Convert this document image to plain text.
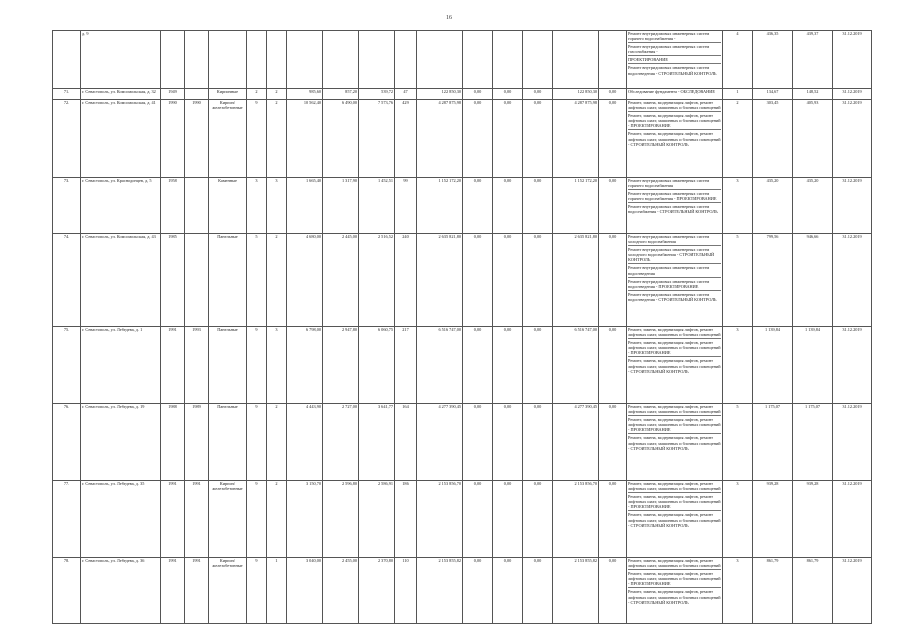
16
	д. 9																Ремонт внутридомовых инженерных систем горячего водоснабжения -
Ремонт внутридомовых инженерных систем газоснабжения -
ПРОЕКТИРОВАНИЕ
Ремонт внутридомовых инженерных систем водоотведения - СТРОИТЕЛЬНЫЙ КОНТРОЛЬ	4	436,35	439,37	31.12.2019
71.	г. Севастополь, ул. Комсомольская, д. 32	1949		Кирпичные	2	2	985,60	857,20	539,72	47	122 850,30	0,00	0,00	0,00	122 850,30	0,00	Обследование фундамента - ОБСЛЕДОВАНИЕ	1	134,67	148,52	31.12.2019
72.	г. Севастополь, ул. Комсомольская, д. 41	1990	1990	Кирпич/ железобетонные	9	2	10 562,40	6 490,00	7 573,76	429	4 287 875,98	0,00	0,00	0,00	4 287 875,98	0,00	Ремонт, замена, модернизация лифтов, ремонт лифтовых шахт, машинных и блочных помещений
Ремонт, замена, модернизация лифтов, ремонт лифтовых шахт, машинных и блочных помещений - ПРОЕКТИРОВАНИЕ
Ремонт, замена, модернизация лифтов, ремонт лифтовых шахт, машинных и блочных помещений - СТРОИТЕЛЬНЫЙ КОНТРОЛЬ	2	303,45	405,93	31.12.2019
73.	г. Севастополь, ул. Краснодонцев, д. 5	1958		Каменные	3	3	1 665,40	1 317,90	1 452,51	99	1 152 172,20	0,00	0,00	0,00	1 152 172,20	0,00	Ремонт внутридомовых инженерных систем горячего водоснабжения
Ремонт внутридомовых инженерных систем горячего водоснабжения - ПРОЕКТИРОВАНИЕ
Ремонт внутридомовых инженерных систем водоснабжения - СТРОИТЕЛЬНЫЙ КОНТРОЛЬ	3	435,20	435,20	31.12.2019
74.	г. Севастополь, ул. Комсомольская, д. 43	1985		Панельные	5	2	4 680,00	2 445,00	2 516,52	240	2 635 821,80	0,00	0,00	0,00	2 635 821,80	0,00	Ремонт внутридомовых инженерных систем холодного водоснабжения
Ремонт внутридомовых инженерных систем холодного водоснабжения - СТРОИТЕЛЬНЫЙ КОНТРОЛЬ
Ремонт внутридомовых инженерных систем водоотведения
Ремонт внутридомовых инженерных систем водоотведения - ПРОЕКТИРОВАНИЕ
Ремонт внутридомовых инженерных систем водоотведения - СТРОИТЕЛЬНЫЙ КОНТРОЛЬ	5	799,56	946,66	31.12.2019
75.	г. Севастополь, ул. Лебедева, д. 1	1991	1993	Панельные	9	3	6 798,00	2 947,80	6 060,75	217	6 516 747,00	0,00	0,00	0,00	6 516 747,00	0,00	Ремонт, замена, модернизация лифтов, ремонт лифтовых шахт, машинных и блочных помещений
Ремонт, замена, модернизация лифтов, ремонт лифтовых шахт, машинных и блочных помещений - ПРОЕКТИРОВАНИЕ
Ремонт, замена, модернизация лифтов, ремонт лифтовых шахт, машинных и блочных помещений - СТРОИТЕЛЬНЫЙ КОНТРОЛЬ	3	1 139,84	1 139,84	31.12.2019
76.	г. Севастополь, ул. Лебедева, д. 19	1988	1989	Панельные	9	2	4 443,90	2 727,00	3 641,77	164	4 277 390,45	0,00	0,00	0,00	4 277 390,45	0,00	Ремонт, замена, модернизация лифтов, ремонт лифтовых шахт, машинных и блочных помещений
Ремонт, замена, модернизация лифтов, ремонт лифтовых шахт, машинных и блочных помещений - ПРОЕКТИРОВАНИЕ
Ремонт, замена, модернизация лифтов, ремонт лифтовых шахт, машинных и блочных помещений - СТРОИТЕЛЬНЫЙ КОНТРОЛЬ	5	1 175,07	1 175,07	31.12.2019
77.	г. Севастополь, ул. Лебедева, д. 35	1991	1991	Кирпич/ железобетонные	9	2	3 150,70	2 596,80	2 586,91	186	2 153 856,70	0,00	0,00	0,00	2 153 856,70	0,00	Ремонт, замена, модернизация лифтов, ремонт лифтовых шахт, машинных и блочных помещений
Ремонт, замена, модернизация лифтов, ремонт лифтовых шахт, машинных и блочных помещений - ПРОЕКТИРОВАНИЕ
Ремонт, замена, модернизация лифтов, ремонт лифтовых шахт, машинных и блочных помещений - СТРОИТЕЛЬНЫЙ КОНТРОЛЬ	3	939,28	939,28	31.12.2019
78.	г. Севастополь, ул. Лебедева, д. 36	1991	1991	Кирпич/ железобетонные	9	1	3 040,00	2 455,00	2 370,80	110	2 153 855,82	0,00	0,00	0,00	2 153 855,82	0,00	Ремонт, замена, модернизация лифтов, ремонт лифтовых шахт, машинных и блочных помещений
Ремонт, замена, модернизация лифтов, ремонт лифтовых шахт, машинных и блочных помещений - ПРОЕКТИРОВАНИЕ
Ремонт, замена, модернизация лифтов, ремонт лифтовых шахт, машинных и блочных помещений - СТРОИТЕЛЬНЫЙ КОНТРОЛЬ	3	861,79	861,79	31.12.2019
